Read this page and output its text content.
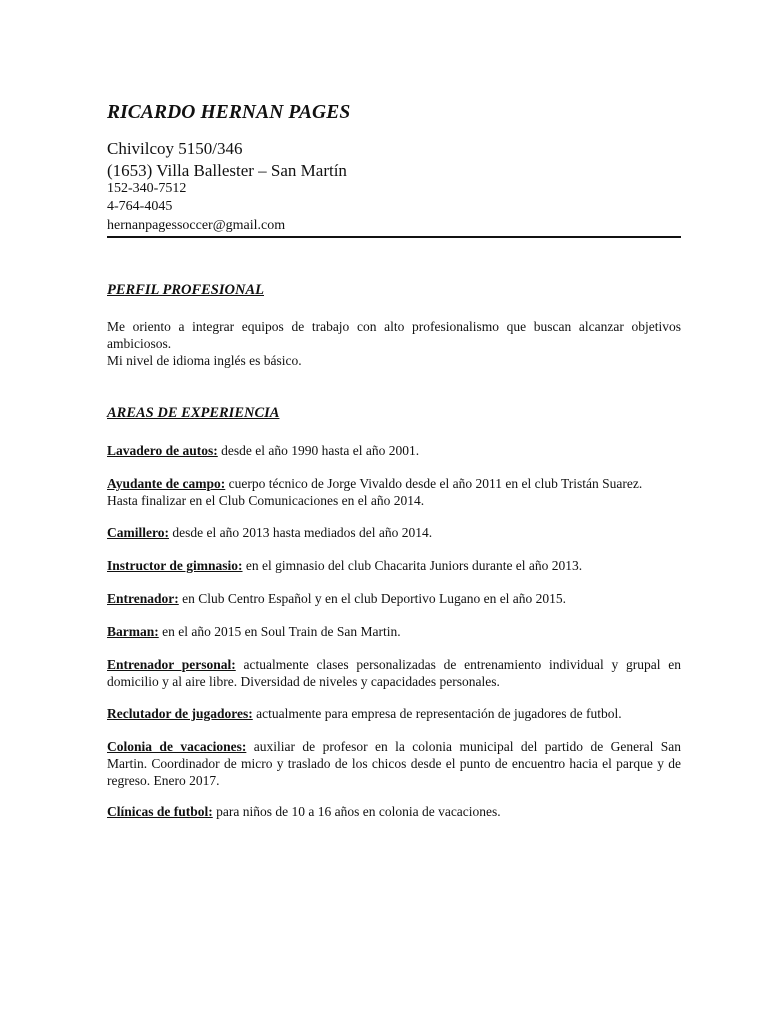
RICARDO HERNAN PAGES
Chivilcoy 5150/346
(1653) Villa Ballester – San Martín
152-340-7512
4-764-4045
hernanpagessoccer@gmail.com
PERFIL PROFESIONAL
Me oriento a integrar equipos de trabajo con alto profesionalismo que buscan alcanzar objetivos
ambiciosos.
Mi nivel de idioma inglés es básico.
AREAS DE EXPERIENCIA
Lavadero de autos: desde el año 1990 hasta el año 2001.
Ayudante de campo: cuerpo técnico de Jorge Vivaldo desde el año 2011 en el club Tristán Suarez.
Hasta finalizar en el Club Comunicaciones en el año 2014.
Camillero: desde el año 2013 hasta mediados del año 2014.
Instructor de gimnasio: en el gimnasio del club Chacarita Juniors durante el año 2013.
Entrenador: en Club Centro Español y en el club Deportivo Lugano en el año 2015.
Barman: en el año 2015 en Soul Train de San Martin.
Entrenador personal: actualmente clases personalizadas de entrenamiento individual y grupal en
domicilio y al aire libre. Diversidad de niveles y capacidades personales.
Reclutador de jugadores: actualmente para empresa de representación de jugadores de futbol.
Colonia de vacaciones: auxiliar de profesor en la colonia municipal del partido de General San
Martin. Coordinador de micro y traslado de los chicos desde el punto de encuentro hacia el parque y de
regreso. Enero 2017.
Clínicas de futbol: para niños de 10 a 16 años en colonia de vacaciones.
